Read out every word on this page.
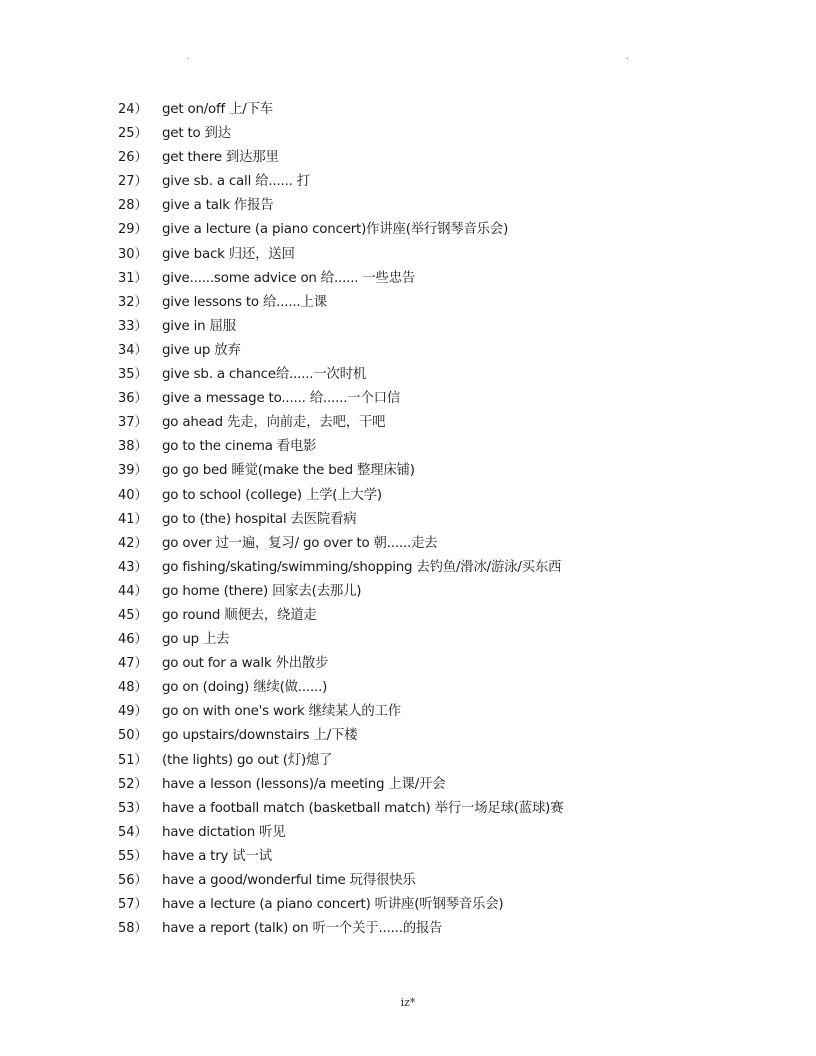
.	.
24） get on/off 上/下车
25） get to 到达
26） get there 到达那里
27） give sb. a call 给...... 打
28） give a talk 作报告
29） give a lecture (a piano concert)作讲座(举行钢琴音乐会)
30） give back 归还，送回
31） give......some advice on 给...... 一些忠告
32） give lessons to 给......上课
33） give in 屈服
34） give up 放弃
35） give sb. a chance给......一次时机
36） give a message to...... 给......一个口信
37） go ahead 先走，向前走，去吧，干吧
38） go to the cinema 看电影
39） go go bed 睡觉(make the bed 整理床铺)
40） go to school (college) 上学(上大学)
41） go to (the) hospital 去医院看病
42） go over 过一遍，复习/ go over to 朝......走去
43） go fishing/skating/swimming/shopping 去钓鱼/滑冰/游泳/买东西
44） go home (there) 回家去(去那儿)
45） go round 顺便去，绕道走
46） go up 上去
47） go out for a walk 外出散步
48） go on (doing) 继续(做......)
49） go on with one's work 继续某人的工作
50） go upstairs/downstairs 上/下楼
51） (the lights) go out (灯)熄了
52） have a lesson (lessons)/a meeting 上课/开会
53） have a football match (basketball match) 举行一场足球(蓝球)赛
54） have dictation 听见
55） have a try 试一试
56） have a good/wonderful time 玩得很快乐
57） have a lecture (a piano concert) 听讲座(听钢琴音乐会)
58） have a report (talk) on 听一个关于......的报告
iz*
